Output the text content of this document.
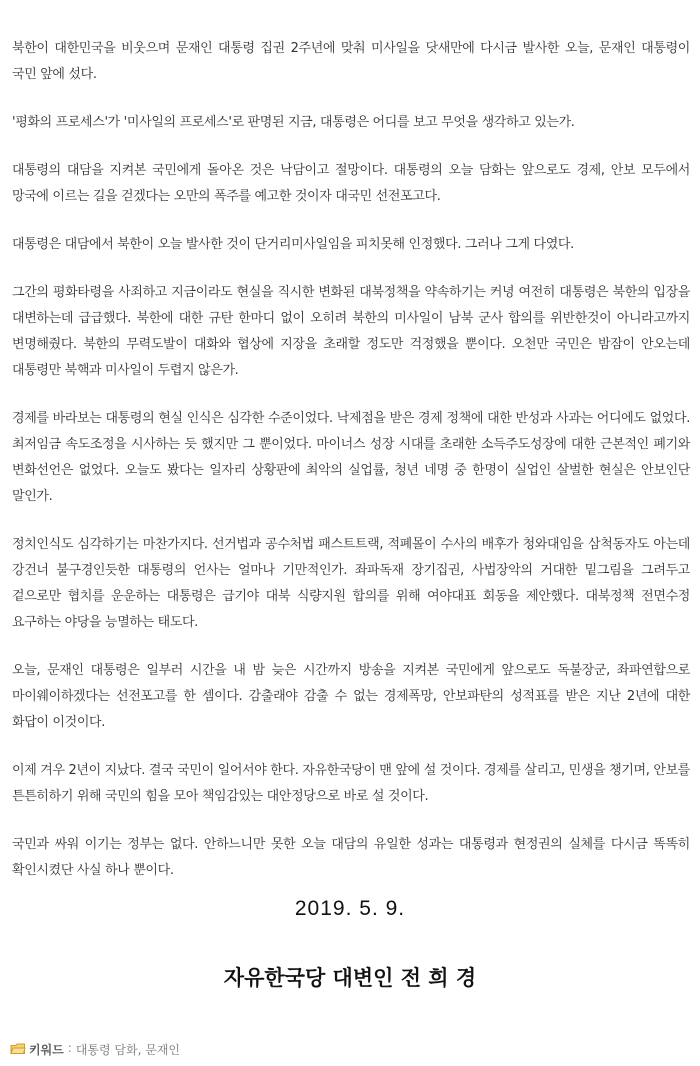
북한이 대한민국을 비웃으며 문재인 대통령 집권 2주년에 맞춰 미사일을 닷새만에 다시금 발사한 오늘, 문재인 대통령이 국민 앞에 섰다.

'평화의 프로세스'가 '미사일의 프로세스'로 판명된 지금, 대통령은 어디를 보고 무엇을 생각하고 있는가.

대통령의 대담을 지켜본 국민에게 돌아온 것은 낙담이고 절망이다. 대통령의 오늘 담화는 앞으로도 경제, 안보 모두에서 망국에 이르는 길을 걷겠다는 오만의 폭주를 예고한 것이자 대국민 선전포고다.

대통령은 대담에서 북한이 오늘 발사한 것이 단거리미사일임을 피치못해 인정했다. 그러나 그게 다였다.

그간의 평화타령을 사죄하고 지금이라도 현실을 직시한 변화된 대북정책을 약속하기는 커녕 여전히 대통령은 북한의 입장을 대변하는데 급급했다. 북한에 대한 규탄 한마디 없이 오히려 북한의 미사일이 남북 군사 합의를 위반한것이 아니라고까지 변명해줬다. 북한의 무력도발이 대화와 협상에 지장을 초래할 정도만 걱정했을 뿐이다. 오천만 국민은 밤잠이 안오는데 대통령만 북핵과 미사일이 두렵지 않은가.

경제를 바라보는 대통령의 현실 인식은 심각한 수준이었다. 낙제점을 받은 경제 정책에 대한 반성과 사과는 어디에도 없었다. 최저임금 속도조정을 시사하는 듯 했지만 그 뿐이었다. 마이너스 성장 시대를 초래한 소득주도성장에 대한 근본적인 폐기와 변화선언은 없었다. 오늘도 봤다는 일자리 상황판에 최악의 실업률, 청년 네명 중 한명이 실업인 살벌한 현실은 안보인단 말인가.

정치인식도 심각하기는 마찬가지다. 선거법과 공수처법 패스트트랙, 적폐몰이 수사의 배후가 청와대임을 삼척동자도 아는데 강건너 불구경인듯한 대통령의 언사는 얼마나 기만적인가. 좌파독재 장기집권, 사법장악의 거대한 밑그림을 그려두고 겉으로만 협치를 운운하는 대통령은 급기야 대북 식량지원 합의를 위해 여야대표 회동을 제안했다. 대북정책 전면수정 요구하는 야당을 능멸하는 태도다.

오늘, 문재인 대통령은 일부러 시간을 내 밤 늦은 시간까지 방송을 지켜본 국민에게 앞으로도 독불장군, 좌파연합으로 마이웨이하겠다는 선전포고를 한 셈이다. 감출래야 감출 수 없는 경제폭망, 안보파탄의 성적표를 받은 지난 2년에 대한 화답이 이것이다.

이제 겨우 2년이 지났다. 결국 국민이 일어서야 한다. 자유한국당이 맨 앞에 설 것이다. 경제를 살리고, 민생을 챙기며, 안보를 튼튼히하기 위해 국민의 힘을 모아 책임감있는 대안정당으로 바로 설 것이다.

국민과 싸워 이기는 정부는 없다. 안하느니만 못한 오늘 대담의 유일한 성과는 대통령과 현정권의 실체를 다시금 똑똑히 확인시켰단 사실 하나 뿐이다.

2019. 5. 9.
자유한국당 대변인 전 희 경
키워드 : 대통령 담화, 문재인
